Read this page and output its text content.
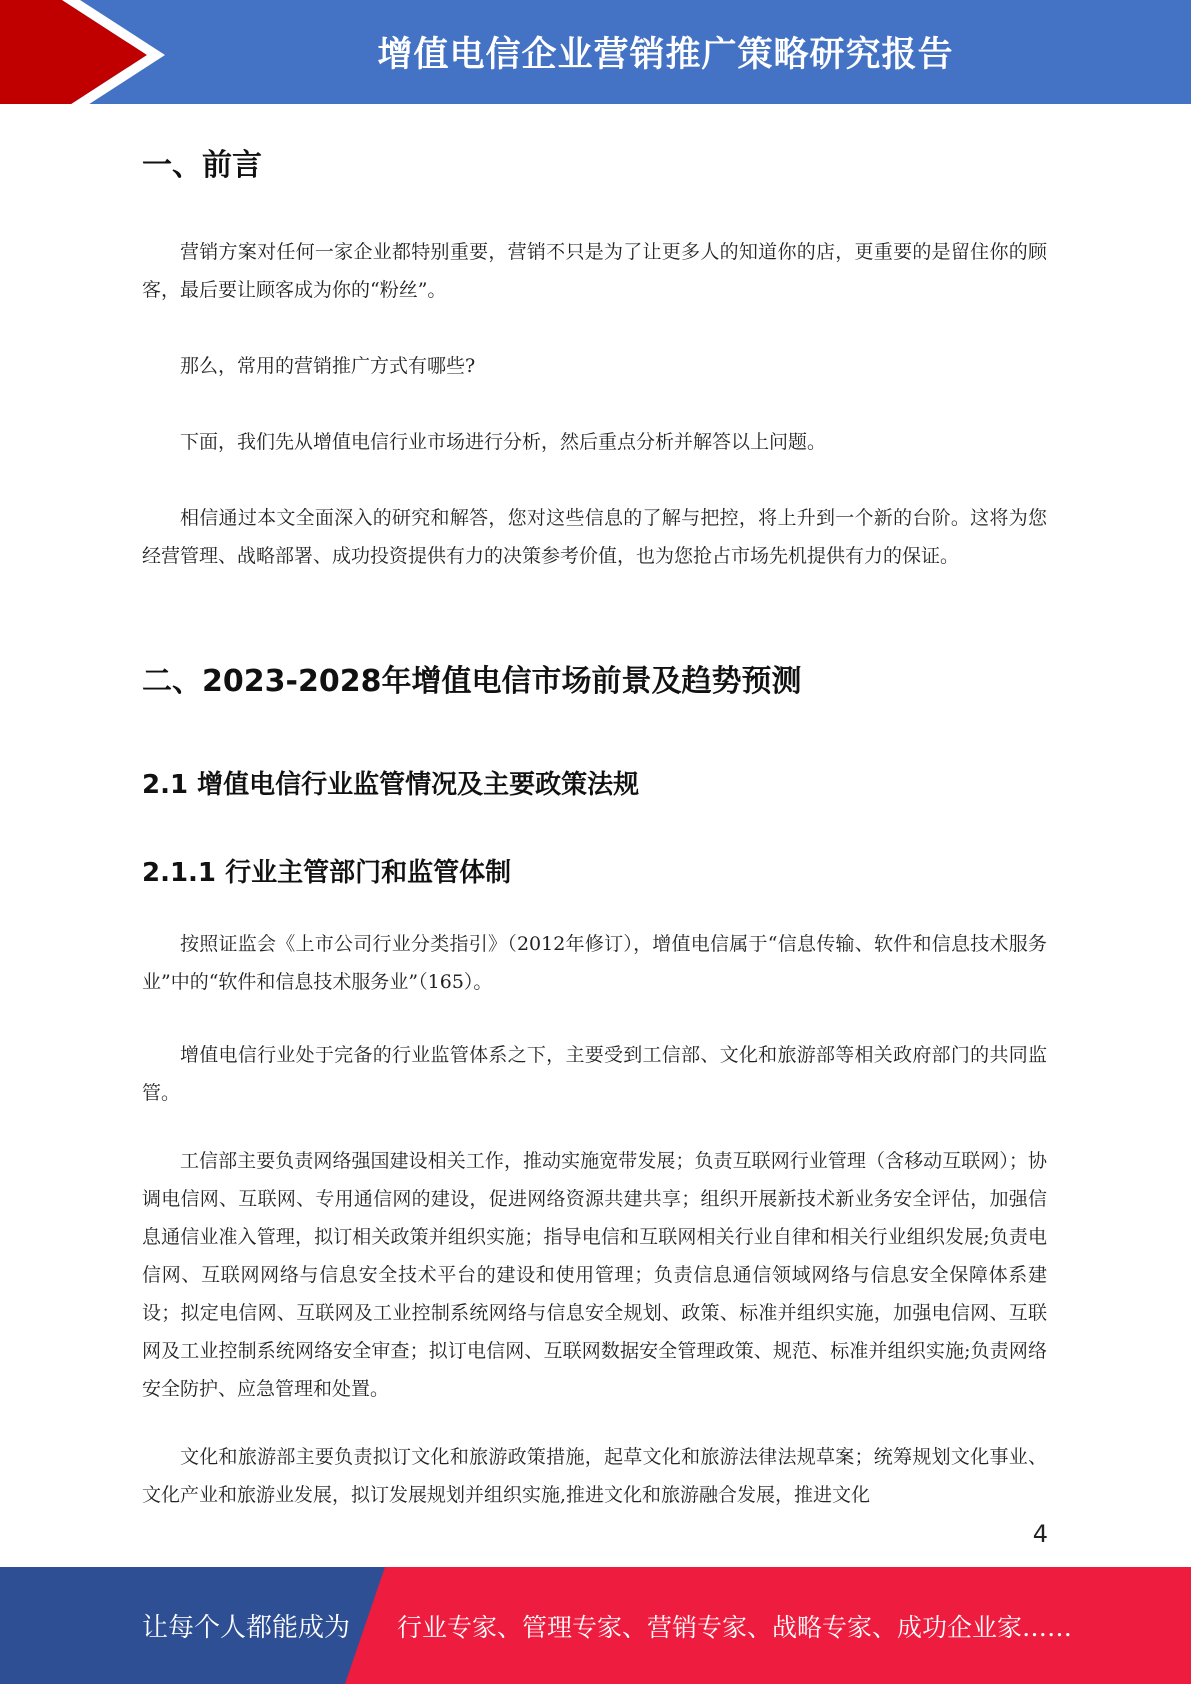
增值电信企业营销推广策略研究报告
一、前言
营销方案对任何一家企业都特别重要，营销不只是为了让更多人的知道你的店，更重要的是留住你的顾客，最后要让顾客成为你的“粉丝”。
那么，常用的营销推广方式有哪些?
下面，我们先从增值电信行业市场进行分析，然后重点分析并解答以上问题。
相信通过本文全面深入的研究和解答，您对这些信息的了解与把控，将上升到一个新的台阶。这将为您经营管理、战略部署、成功投资提供有力的决策参考价值，也为您抢占市场先机提供有力的保证。
二、2023-2028年增值电信市场前景及趋势预测
2.1 增值电信行业监管情况及主要政策法规
2.1.1 行业主管部门和监管体制
按照证监会《上市公司行业分类指引》（2012年修订），增值电信属于“信息传输、软件和信息技术服务业”中的“软件和信息技术服务业”（165）。
增值电信行业处于完备的行业监管体系之下，主要受到工信部、文化和旅游部等相关政府部门的共同监管。
工信部主要负责网络强国建设相关工作，推动实施宽带发展；负责互联网行业管理（含移动互联网）；协调电信网、互联网、专用通信网的建设，促进网络资源共建共享；组织开展新技术新业务安全评估，加强信息通信业准入管理，拟订相关政策并组织实施；指导电信和互联网相关行业自律和相关行业组织发展;负责电信网、互联网网络与信息安全技术平台的建设和使用管理；负责信息通信领域网络与信息安全保障体系建设；拟定电信网、互联网及工业控制系统网络与信息安全规划、政策、标准并组织实施，加强电信网、互联网及工业控制系统网络安全审查；拟订电信网、互联网数据安全管理政策、规范、标准并组织实施;负责网络安全防护、应急管理和处置。
文化和旅游部主要负责拟订文化和旅游政策措施，起草文化和旅游法律法规草案；统筹规划文化事业、文化产业和旅游业发展，拟订发展规划并组织实施,推进文化和旅游融合发展，推进文化
4
让每个人都能成为 行业专家、管理专家、营销专家、战略专家、成功企业家……
